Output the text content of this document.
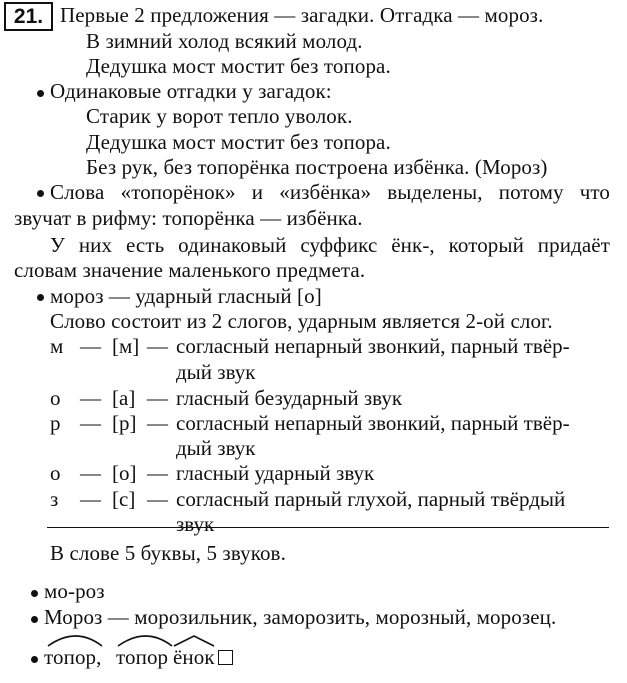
21. Первые 2 предложения — загадки. Отгадка — мороз.
В зимний холод всякий молод.
Дедушка мост мостит без топора.
Одинаковые отгадки у загадок:
Старик у ворот тепло уволок.
Дедушка мост мостит без топора.
Без рук, без топорёнка построена избёнка. (Мороз)
Слова «топорёнок» и «избёнка» выделены, потому что
звучат в рифму: топорёнка — избёнка.
У них есть одинаковый суффикс ёнк-, который придаёт
словам значение маленького предмета.
мороз — ударный гласный [о]
Слово состоит из 2 слогов, ударным является 2-ой слог.
м — [м] — согласный непарный звонкий, парный твёр-
дый звук
о — [а] — гласный безударный звук
р — [р] — согласный непарный звонкий, парный твёр-
дый звук
о — [о] — гласный ударный звук
з — [с] — согласный парный глухой, парный твёрдый
звук
В слове 5 буквы, 5 звуков.
мо-роз
Мороз — морозильник, заморозить, морозный, морозец.
топор, топор ёнок
